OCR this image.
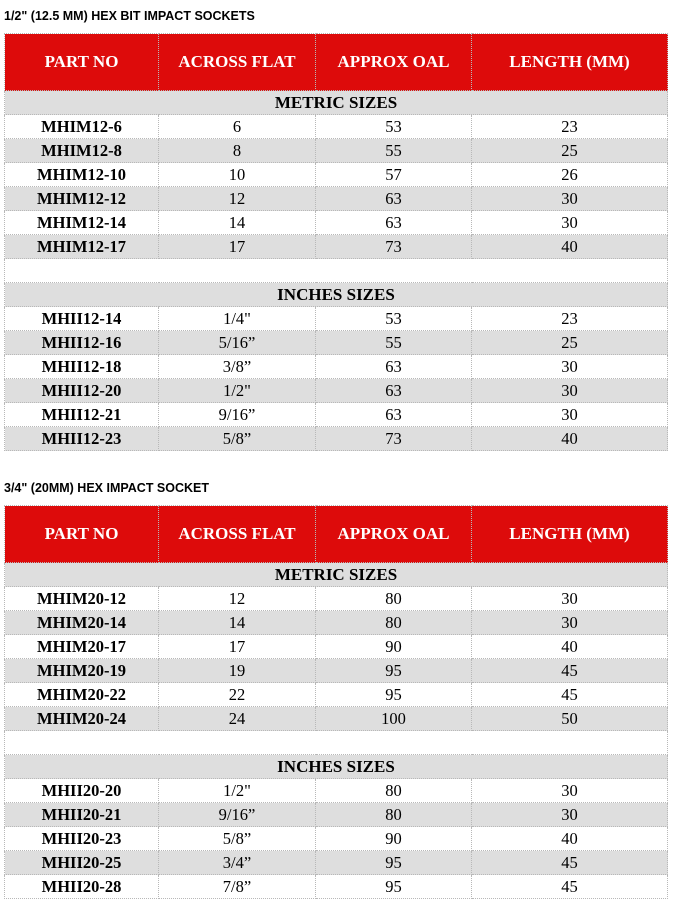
1/2" (12.5 MM) HEX BIT IMPACT SOCKETS
PART NO	ACROSS FLAT	APPROX OAL	LENGTH (MM)
METRIC SIZES			
MHIM12-6	6	53	23
MHIM12-8	8	55	25
MHIM12-10	10	57	26
MHIM12-12	12	63	30
MHIM12-14	14	63	30
MHIM12-17	17	73	40

INCHES SIZES			
MHII12-14	1/4"	53	23
MHII12-16	5/16”	55	25
MHII12-18	3/8”	63	30
MHII12-20	1/2"	63	30
MHII12-21	9/16”	63	30
MHII12-23	5/8”	73	40
3/4" (20MM) HEX IMPACT SOCKET
PART NO	ACROSS FLAT	APPROX OAL	LENGTH (MM)
METRIC SIZES			
MHIM20-12	12	80	30
MHIM20-14	14	80	30
MHIM20-17	17	90	40
MHIM20-19	19	95	45
MHIM20-22	22	95	45
MHIM20-24	24	100	50

INCHES SIZES			
MHII20-20	1/2"	80	30
MHII20-21	9/16”	80	30
MHII20-23	5/8”	90	40
MHII20-25	3/4”	95	45
MHII20-28	7/8”	95	45
